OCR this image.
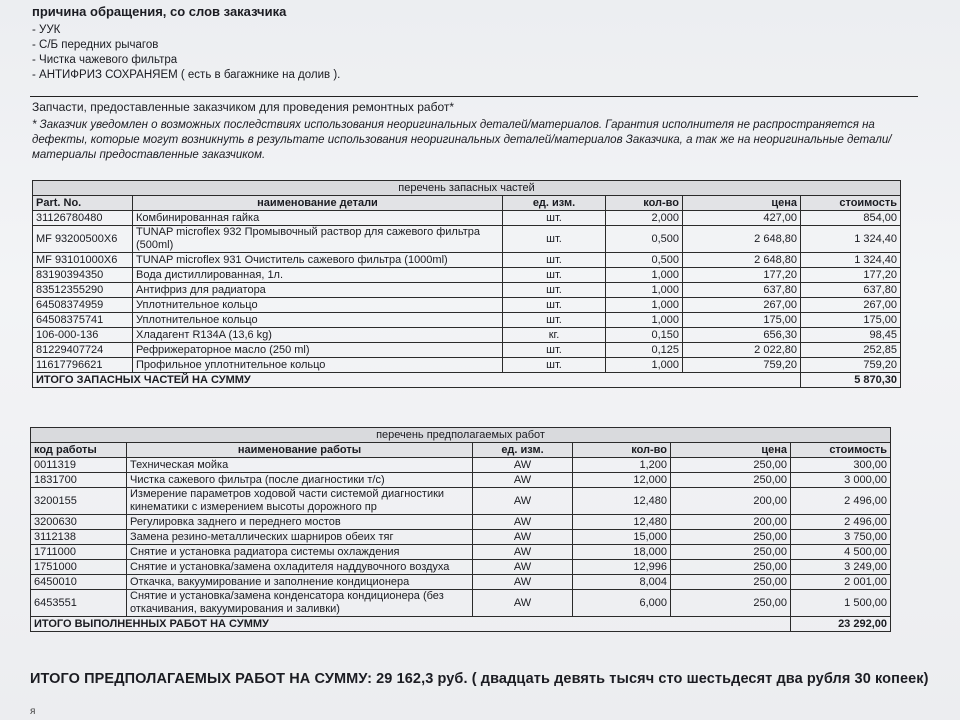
причина обращения, со слов заказчика
- УУК
- С/Б передних рычагов
- Чистка чажевого фильтра
- АНТИФРИЗ СОХРАНЯЕМ ( есть в багажнике на долив ).
Запчасти, предоставленные заказчиком для проведения ремонтных работ*
* Заказчик уведомлен о возможных последствиях использования неоригинальных деталей/материалов. Гарантия исполнителя не распространяется на дефекты, которые могут возникнуть в результате использования неоригинальных деталей/материалов Заказчика, а так же на неоригинальные детали/материалы предоставленные заказчиком.
перечень запасных частей					
Part. No.	наименование детали	ед. изм.	кол-во	цена	стоимость
31126780480	Комбинированная гайка	шт.	2,000	427,00	854,00
MF 93200500X6	TUNAP microflex 932 Промывочный раствор для сажевого фильтра (500ml)	шт.	0,500	2 648,80	1 324,40
MF 93101000X6	TUNAP microflex 931 Очиститель сажевого фильтра (1000ml)	шт.	0,500	2 648,80	1 324,40
83190394350	Вода дистиллированная, 1л.	шт.	1,000	177,20	177,20
83512355290	Антифриз для радиатора	шт.	1,000	637,80	637,80
64508374959	Уплотнительное кольцо	шт.	1,000	267,00	267,00
64508375741	Уплотнительное кольцо	шт.	1,000	175,00	175,00
106-000-136	Хладагент R134A (13,6 kg)	кг.	0,150	656,30	98,45
81229407724	Рефрижераторное масло (250 ml)	шт.	0,125	2 022,80	252,85
11617796621	Профильное уплотнительное кольцо	шт.	1,000	759,20	759,20
ИТОГО ЗАПАСНЫХ ЧАСТЕЙ НА СУММУ					5 870,30
перечень предполагаемых работ					
код работы	наименование работы	ед. изм.	кол-во	цена	стоимость
0011319	Техническая мойка	AW	1,200	250,00	300,00
1831700	Чистка сажевого фильтра (после диагностики т/с)	AW	12,000	250,00	3 000,00
3200155	Измерение параметров ходовой части системой диагностики кинематики с измерением высоты дорожного пр	AW	12,480	200,00	2 496,00
3200630	Регулировка заднего и переднего мостов	AW	12,480	200,00	2 496,00
3112138	Замена резино-металлических шарниров обеих тяг	AW	15,000	250,00	3 750,00
1711000	Снятие и установка радиатора системы охлаждения	AW	18,000	250,00	4 500,00
1751000	Снятие и установка/замена охладителя наддувочного воздуха	AW	12,996	250,00	3 249,00
6450010	Откачка, вакуумирование и заполнение кондиционера	AW	8,004	250,00	2 001,00
6453551	Снятие и установка/замена конденсатора кондиционера (без откачивания, вакуумирования и заливки)	AW	6,000	250,00	1 500,00
ИТОГО ВЫПОЛНЕННЫХ РАБОТ НА СУММУ					23 292,00
ИТОГО ПРЕДПОЛАГАЕМЫХ РАБОТ НА СУММУ: 29 162,3 руб. ( двадцать девять тысяч сто шестьдесят два рубля 30 копеек)
я
